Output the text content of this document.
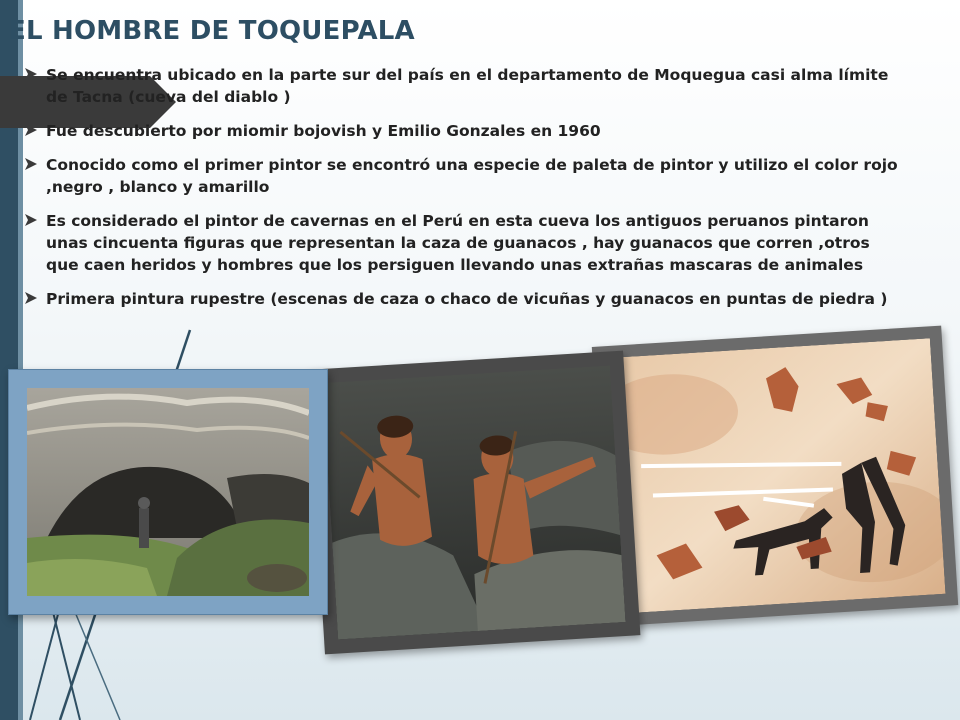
EL HOMBRE DE TOQUEPALA
Se encuentra ubicado en la parte sur del país en el departamento de Moquegua casi alma límite de Tacna (cueva del diablo )
Fue descubierto por miomir bojovish y Emilio Gonzales en 1960
Conocido como el primer pintor se encontró una especie de paleta de pintor y utilizo el color rojo ,negro , blanco y amarillo
Es considerado el pintor de cavernas en el Perú en esta cueva los antiguos peruanos pintaron unas cincuenta figuras que representan la caza de guanacos , hay guanacos que corren ,otros que caen heridos y hombres que los persiguen llevando unas extrañas mascaras de animales
Primera pintura rupestre (escenas de caza o chaco de vicuñas y guanacos en puntas de piedra )
